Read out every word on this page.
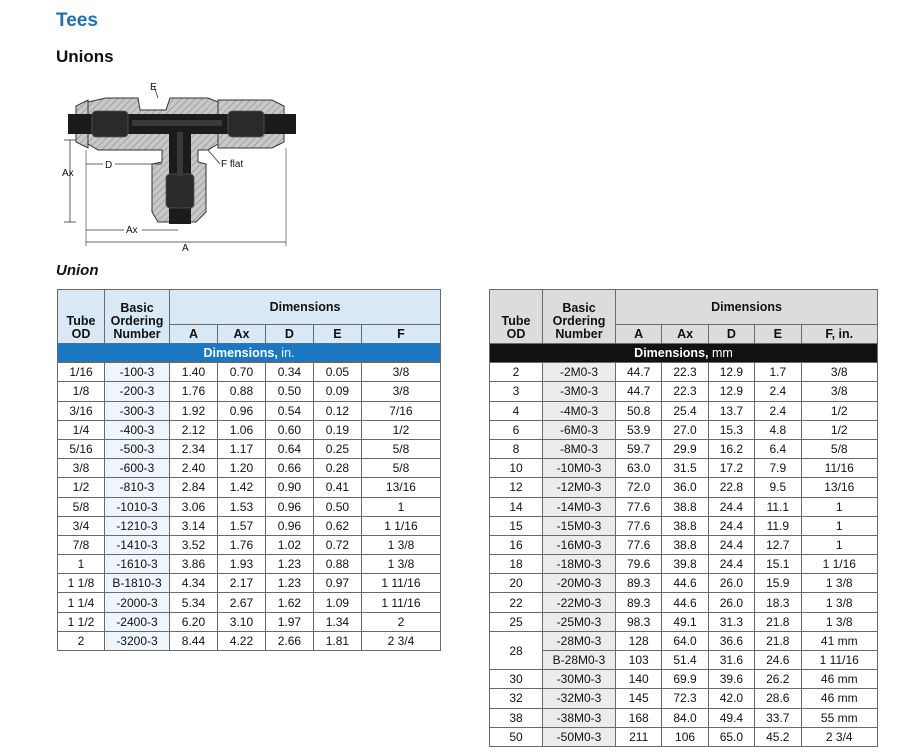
Tees
Unions
E
D	F flat
Ax
Ax
A
Union
Tube
OD	Basic
Ordering
Number	Dimensions				
		A	Ax	D	E	F
Dimensions, in.						
1/16	-100-3	1.40	0.70	0.34	0.05	3/8
1/8	-200-3	1.76	0.88	0.50	0.09	3/8
3/16	-300-3	1.92	0.96	0.54	0.12	7/16
1/4	-400-3	2.12	1.06	0.60	0.19	1/2
5/16	-500-3	2.34	1.17	0.64	0.25	5/8
3/8	-600-3	2.40	1.20	0.66	0.28	5/8
1/2	-810-3	2.84	1.42	0.90	0.41	13/16
5/8	-1010-3	3.06	1.53	0.96	0.50	1
3/4	-1210-3	3.14	1.57	0.96	0.62	1 1/16
7/8	-1410-3	3.52	1.76	1.02	0.72	1 3/8
1	-1610-3	3.86	1.93	1.23	0.88	1 3/8
1 1/8	B-1810-3	4.34	2.17	1.23	0.97	1 11/16
1 1/4	-2000-3	5.34	2.67	1.62	1.09	1 11/16
1 1/2	-2400-3	6.20	3.10	1.97	1.34	2
2	-3200-3	8.44	4.22	2.66	1.81	2 3/4
Tube
OD	Basic
Ordering
Number	Dimensions				
		A	Ax	D	E	F, in.
Dimensions, mm						
2	-2M0-3	44.7	22.3	12.9	1.7	3/8
3	-3M0-3	44.7	22.3	12.9	2.4	3/8
4	-4M0-3	50.8	25.4	13.7	2.4	1/2
6	-6M0-3	53.9	27.0	15.3	4.8	1/2
8	-8M0-3	59.7	29.9	16.2	6.4	5/8
10	-10M0-3	63.0	31.5	17.2	7.9	11/16
12	-12M0-3	72.0	36.0	22.8	9.5	13/16
14	-14M0-3	77.6	38.8	24.4	11.1	1
15	-15M0-3	77.6	38.8	24.4	11.9	1
16	-16M0-3	77.6	38.8	24.4	12.7	1
18	-18M0-3	79.6	39.8	24.4	15.1	1 1/16
20	-20M0-3	89.3	44.6	26.0	15.9	1 3/8
22	-22M0-3	89.3	44.6	26.0	18.3	1 3/8
25	-25M0-3	98.3	49.1	31.3	21.8	1 3/8
28	-28M0-3	128	64.0	36.6	21.8	41 mm
	B-28M0-3	103	51.4	31.6	24.6	1 11/16
30	-30M0-3	140	69.9	39.6	26.2	46 mm
32	-32M0-3	145	72.3	42.0	28.6	46 mm
38	-38M0-3	168	84.0	49.4	33.7	55 mm
50	-50M0-3	211	106	65.0	45.2	2 3/4
